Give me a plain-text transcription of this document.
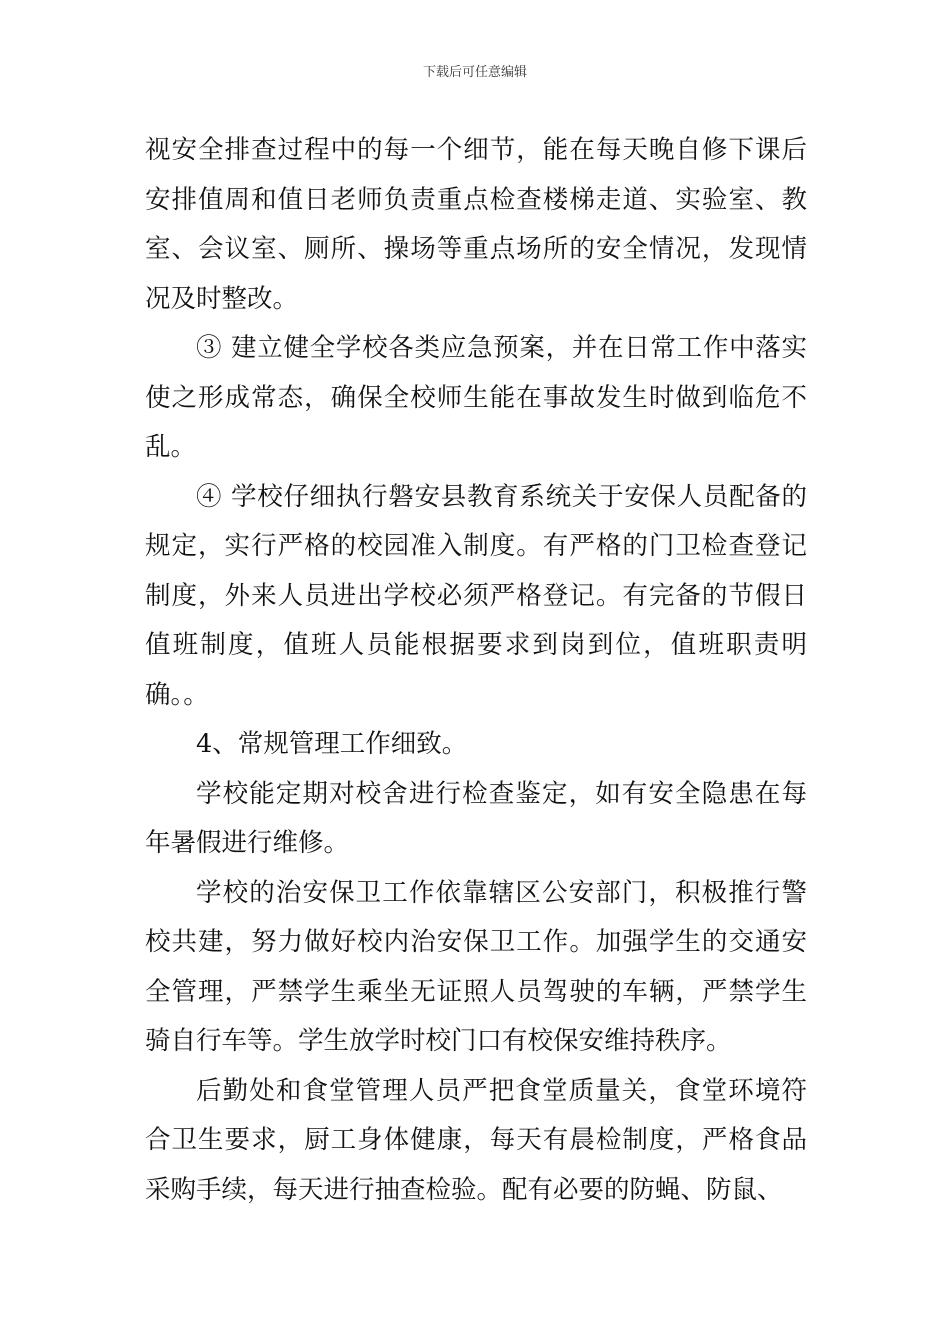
下载后可任意编辑

视安全排查过程中的每一个细节，能在每天晚自修下课后安排值周和值日老师负责重点检查楼梯走道、实验室、教室、会议室、厕所、操场等重点场所的安全情况，发现情况及时整改。

③ 建立健全学校各类应急预案，并在日常工作中落实使之形成常态，确保全校师生能在事故发生时做到临危不乱。

④ 学校仔细执行磐安县教育系统关于安保人员配备的规定，实行严格的校园准入制度。有严格的门卫检查登记制度，外来人员进出学校必须严格登记。有完备的节假日值班制度，值班人员能根据要求到岗到位，值班职责明确。。

4、常规管理工作细致。

学校能定期对校舍进行检查鉴定，如有安全隐患在每年暑假进行维修。

学校的治安保卫工作依靠辖区公安部门，积极推行警校共建，努力做好校内治安保卫工作。加强学生的交通安全管理，严禁学生乘坐无证照人员驾驶的车辆，严禁学生骑自行车等。学生放学时校门口有校保安维持秩序。

后勤处和食堂管理人员严把食堂质量关，食堂环境符合卫生要求，厨工身体健康，每天有晨检制度，严格食品采购手续，每天进行抽查检验。配有必要的防蝇、防鼠、
